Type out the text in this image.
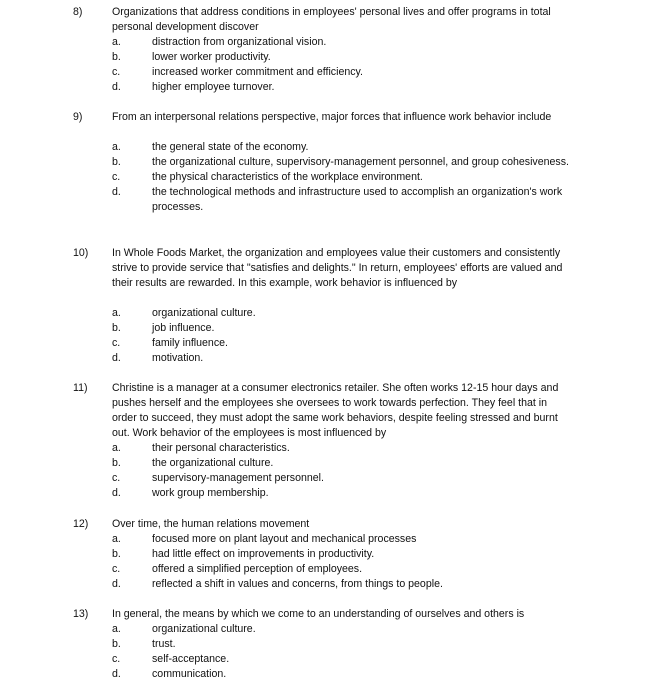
8)	Organizations that address conditions in employees' personal lives and offer programs in total personal development discover
a.	distraction from organizational vision.
b.	lower worker productivity.
c.	increased worker commitment and efficiency.
d.	higher employee turnover.
9)	From an interpersonal relations perspective, major forces that influence work behavior include
a.	the general state of the economy.
b.	the organizational culture, supervisory-management personnel, and group cohesiveness.
c.	the physical characteristics of the workplace environment.
d.	the technological methods and infrastructure used to accomplish an organization's work processes.
10)	In Whole Foods Market, the organization and employees value their customers and consistently strive to provide service that "satisfies and delights." In return, employees' efforts are valued and their results are rewarded. In this example, work behavior is influenced by
a.	organizational culture.
b.	job influence.
c.	family influence.
d.	motivation.
11)	Christine is a manager at a consumer electronics retailer. She often works 12-15 hour days and pushes herself and the employees she oversees to work towards perfection. They feel that in order to succeed, they must adopt the same work behaviors, despite feeling stressed and burnt out. Work behavior of the employees is most influenced by
a.	their personal characteristics.
b.	the organizational culture.
c.	supervisory-management personnel.
d.	work group membership.
12)	Over time, the human relations movement
a.	focused more on plant layout and mechanical processes
b.	had little effect on improvements in productivity.
c.	offered a simplified perception of employees.
d.	reflected a shift in values and concerns, from things to people.
13)	In general, the means by which we come to an understanding of ourselves and others is
a.	organizational culture.
b.	trust.
c.	self-acceptance.
d.	communication.
